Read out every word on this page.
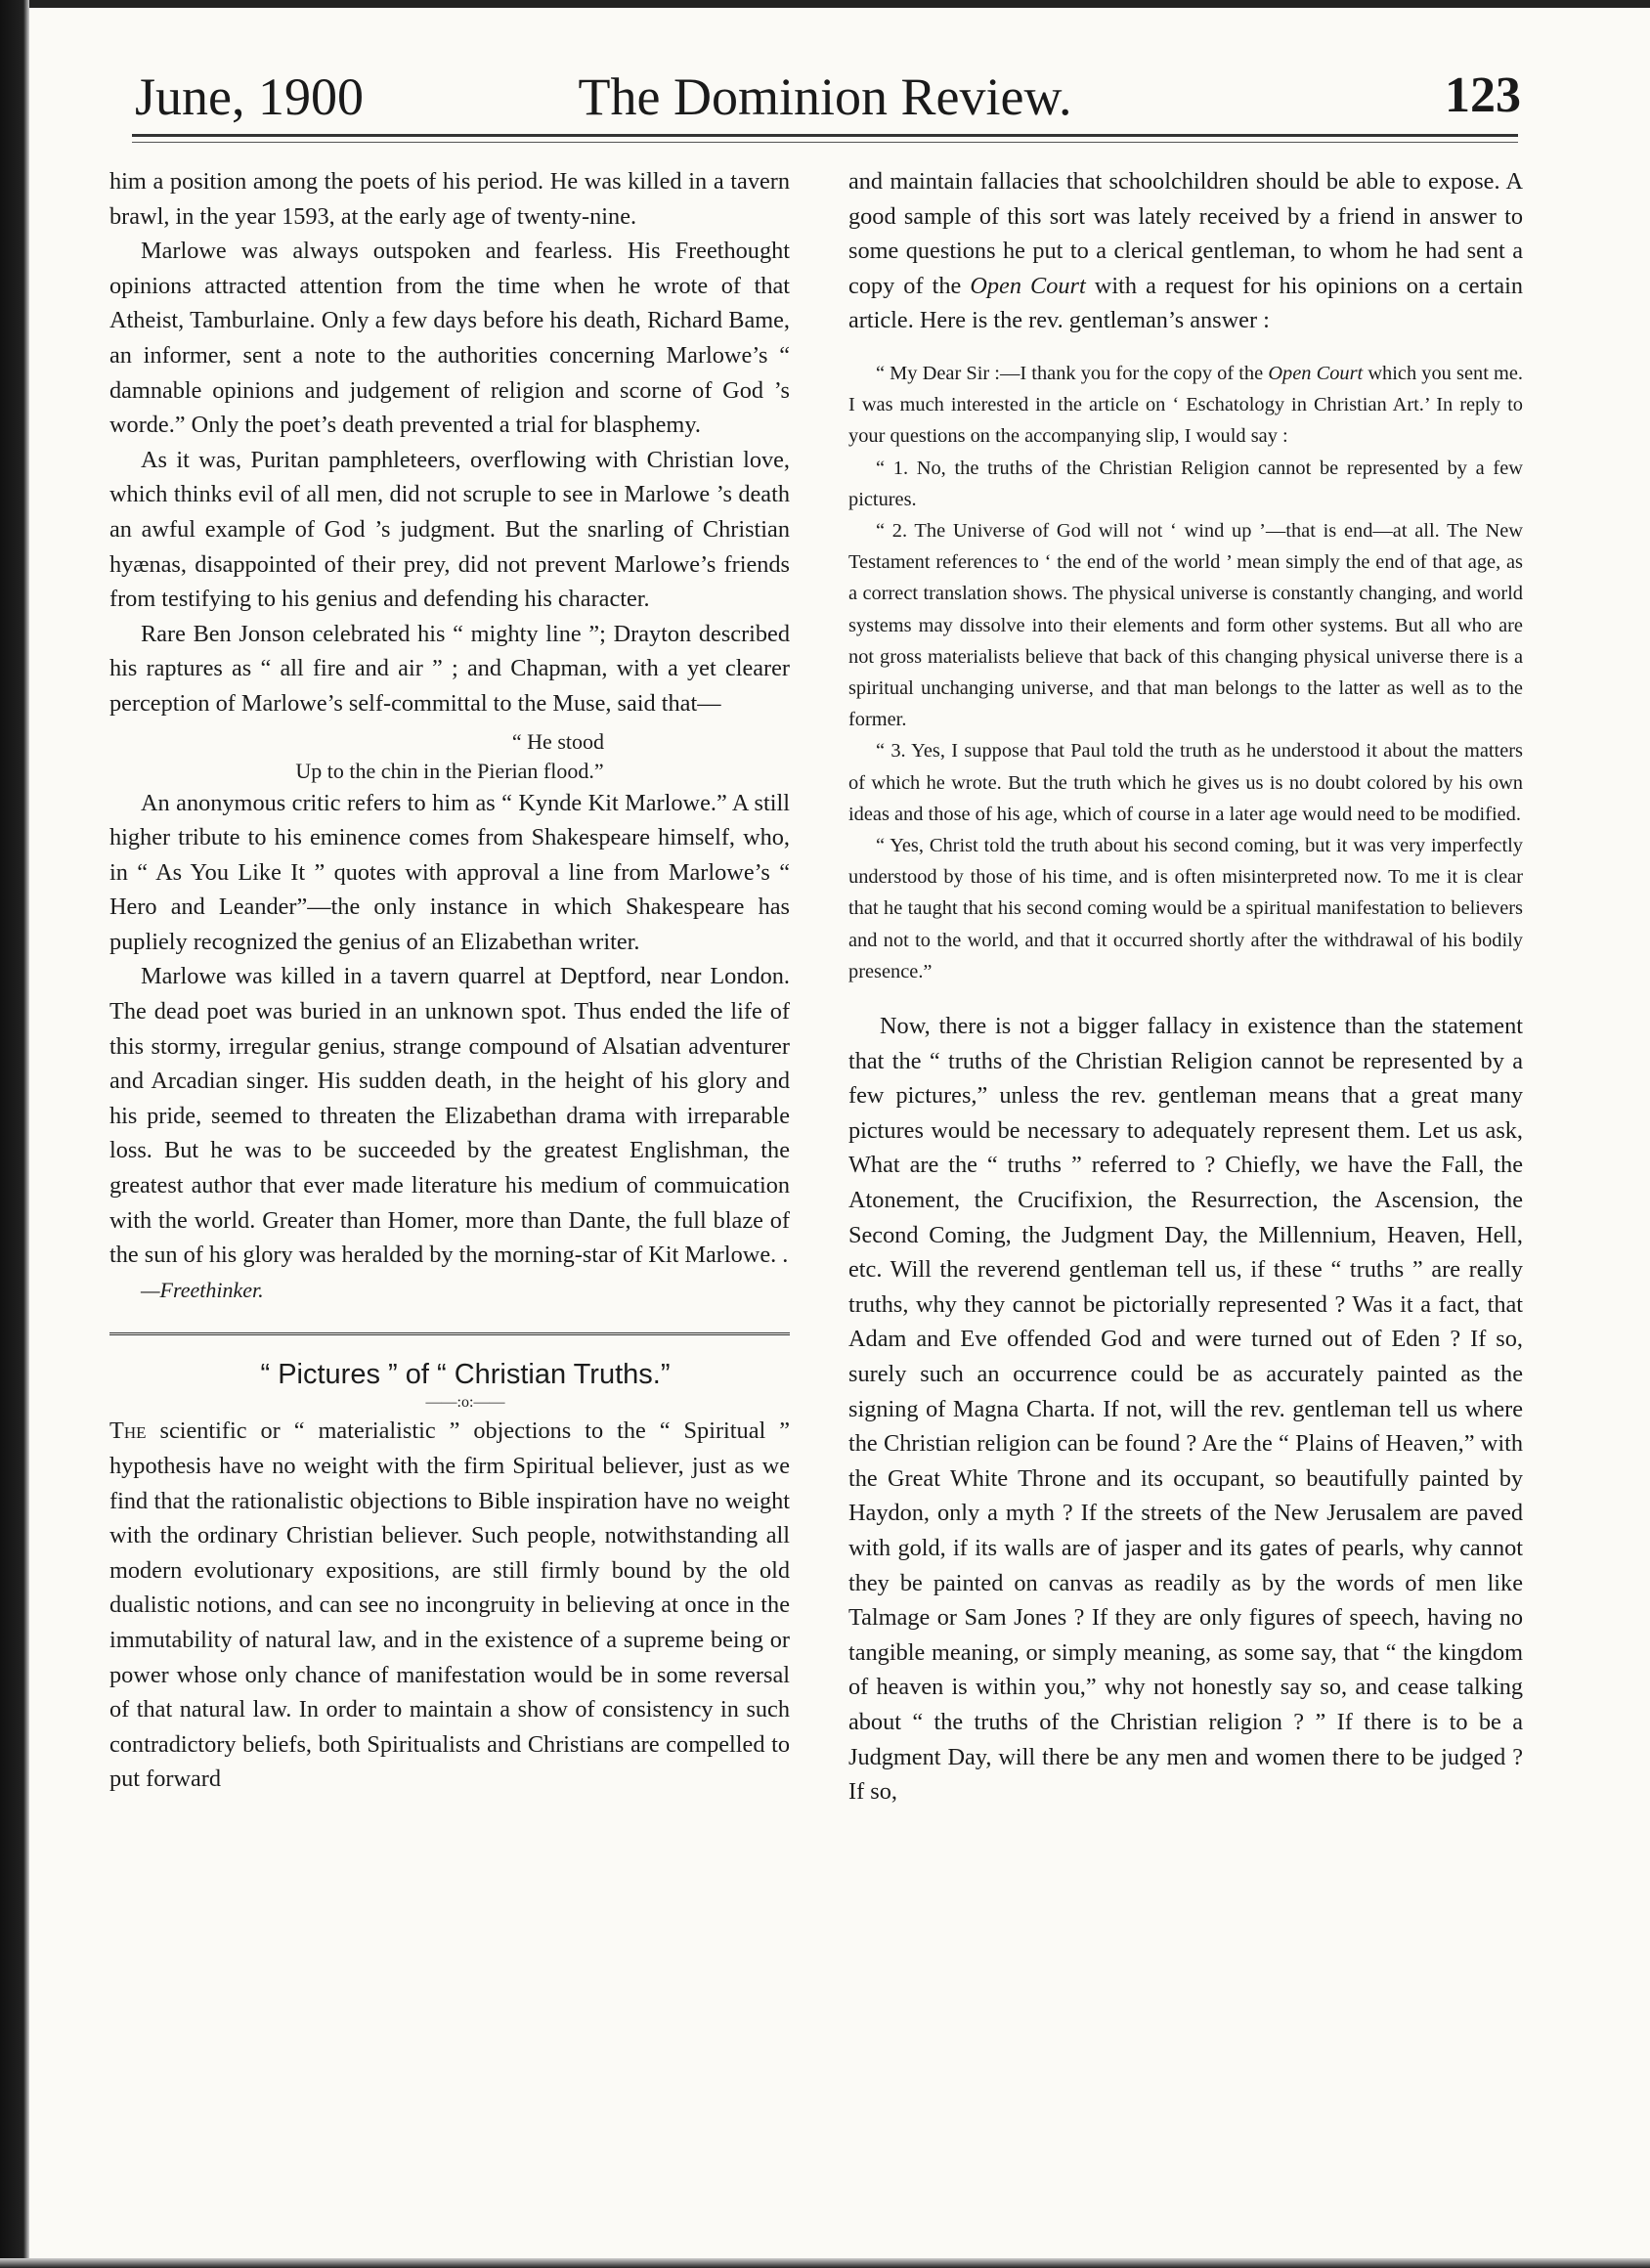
The Dominion Review.
June, 1900	123

him a position among the poets of his period. He was killed in a tavern brawl, in the year 1593, at the early age of twenty-nine.

Marlowe was always outspoken and fearless. His Freethought opinions attracted attention from the time when he wrote of that Atheist, Tamburlaine. Only a few days before his death, Richard Bame, an informer, sent a note to the authorities concerning Marlowe’s “ damnable opinions and judgement of religion and scorne of God ’s worde.” Only the poet’s death prevented a trial for blasphemy.

As it was, Puritan pamphleteers, overflowing with Christian love, which thinks evil of all men, did not scruple to see in Marlowe ’s death an awful example of God ’s judgment. But the snarling of Christian hyænas, disappointed of their prey, did not prevent Marlowe’s friends from testifying to his genius and defending his character.

Rare Ben Jonson celebrated his “ mighty line ”; Drayton described his raptures as “ all fire and air ” ; and Chapman, with a yet clearer perception of Marlowe’s self-committal to the Muse, said that—

“ He stood
Up to the chin in the Pierian flood.”

An anonymous critic refers to him as “ Kynde Kit Marlowe.” A still higher tribute to his eminence comes from Shakespeare himself, who, in “ As You Like It ” quotes with approval a line from Marlowe’s “ Hero and Leander”—the only instance in which Shakespeare has pupliely recognized the genius of an Elizabethan writer.

Marlowe was killed in a tavern quarrel at Deptford, near London. The dead poet was buried in an unknown spot. Thus ended the life of this stormy, irregular genius, strange compound of Alsatian adventurer and Arcadian singer. His sudden death, in the height of his glory and his pride, seemed to threaten the Elizabethan drama with irreparable loss. But he was to be succeeded by the greatest Englishman, the greatest author that ever made literature his medium of commuication with the world. Greater than Homer, more than Dante, the full blaze of the sun of his glory was heralded by the morning-star of Kit Marlowe. .

—Freethinker.

“ Pictures ” of “ Christian Truths.”

——:o:——

The scientific or “ materialistic ” objections to the “ Spiritual ” hypothesis have no weight with the firm Spiritual believer, just as we find that the rationalistic objections to Bible inspiration have no weight with the ordinary Christian believer. Such people, notwithstanding all modern evolutionary expositions, are still firmly bound by the old dualistic notions, and can see no incongruity in believing at once in the immutability of natural law, and in the existence of a supreme being or power whose only chance of manifestation would be in some reversal of that natural law. In order to maintain a show of consistency in such contradictory beliefs, both Spiritualists and Christians are compelled to put forward

and maintain fallacies that schoolchildren should be able to expose. A good sample of this sort was lately received by a friend in answer to some questions he put to a clerical gentleman, to whom he had sent a copy of the Open Court with a request for his opinions on a certain article. Here is the rev. gentleman’s answer :

“ My Dear Sir :—I thank you for the copy of the Open Court which you sent me. I was much interested in the article on ‘ Eschatology in Christian Art.’ In reply to your questions on the accompanying slip, I would say :

“ 1. No, the truths of the Christian Religion cannot be represented by a few pictures.

“ 2. The Universe of God will not ‘ wind up ’—that is end—at all. The New Testament references to ‘ the end of the world ’ mean simply the end of that age, as a correct translation shows. The physical universe is constantly changing, and world systems may dissolve into their elements and form other systems. But all who are not gross materialists believe that back of this changing physical universe there is a spiritual unchanging universe, and that man belongs to the latter as well as to the former.

“ 3. Yes, I suppose that Paul told the truth as he understood it about the matters of which he wrote. But the truth which he gives us is no doubt colored by his own ideas and those of his age, which of course in a later age would need to be modified.

“ Yes, Christ told the truth about his second coming, but it was very imperfectly understood by those of his time, and is often misinterpreted now. To me it is clear that he taught that his second coming would be a spiritual manifestation to believers and not to the world, and that it occurred shortly after the withdrawal of his bodily presence.”

Now, there is not a bigger fallacy in existence than the statement that the “ truths of the Christian Religion cannot be represented by a few pictures,” unless the rev. gentleman means that a great many pictures would be necessary to adequately represent them. Let us ask, What are the “ truths ” referred to ? Chiefly, we have the Fall, the Atonement, the Crucifixion, the Resurrection, the Ascension, the Second Coming, the Judgment Day, the Millennium, Heaven, Hell, etc. Will the reverend gentleman tell us, if these “ truths ” are really truths, why they cannot be pictorially represented ? Was it a fact, that Adam and Eve offended God and were turned out of Eden ? If so, surely such an occurrence could be as accurately painted as the signing of Magna Charta. If not, will the rev. gentleman tell us where the Christian religion can be found ? Are the “ Plains of Heaven,” with the Great White Throne and its occupant, so beautifully painted by Haydon, only a myth ? If the streets of the New Jerusalem are paved with gold, if its walls are of jasper and its gates of pearls, why cannot they be painted on canvas as readily as by the words of men like Talmage or Sam Jones ? If they are only figures of speech, having no tangible meaning, or simply meaning, as some say, that “ the kingdom of heaven is within you,” why not honestly say so, and cease talking about “ the truths of the Christian religion ? ” If there is to be a Judgment Day, will there be any men and women there to be judged ? If so,
